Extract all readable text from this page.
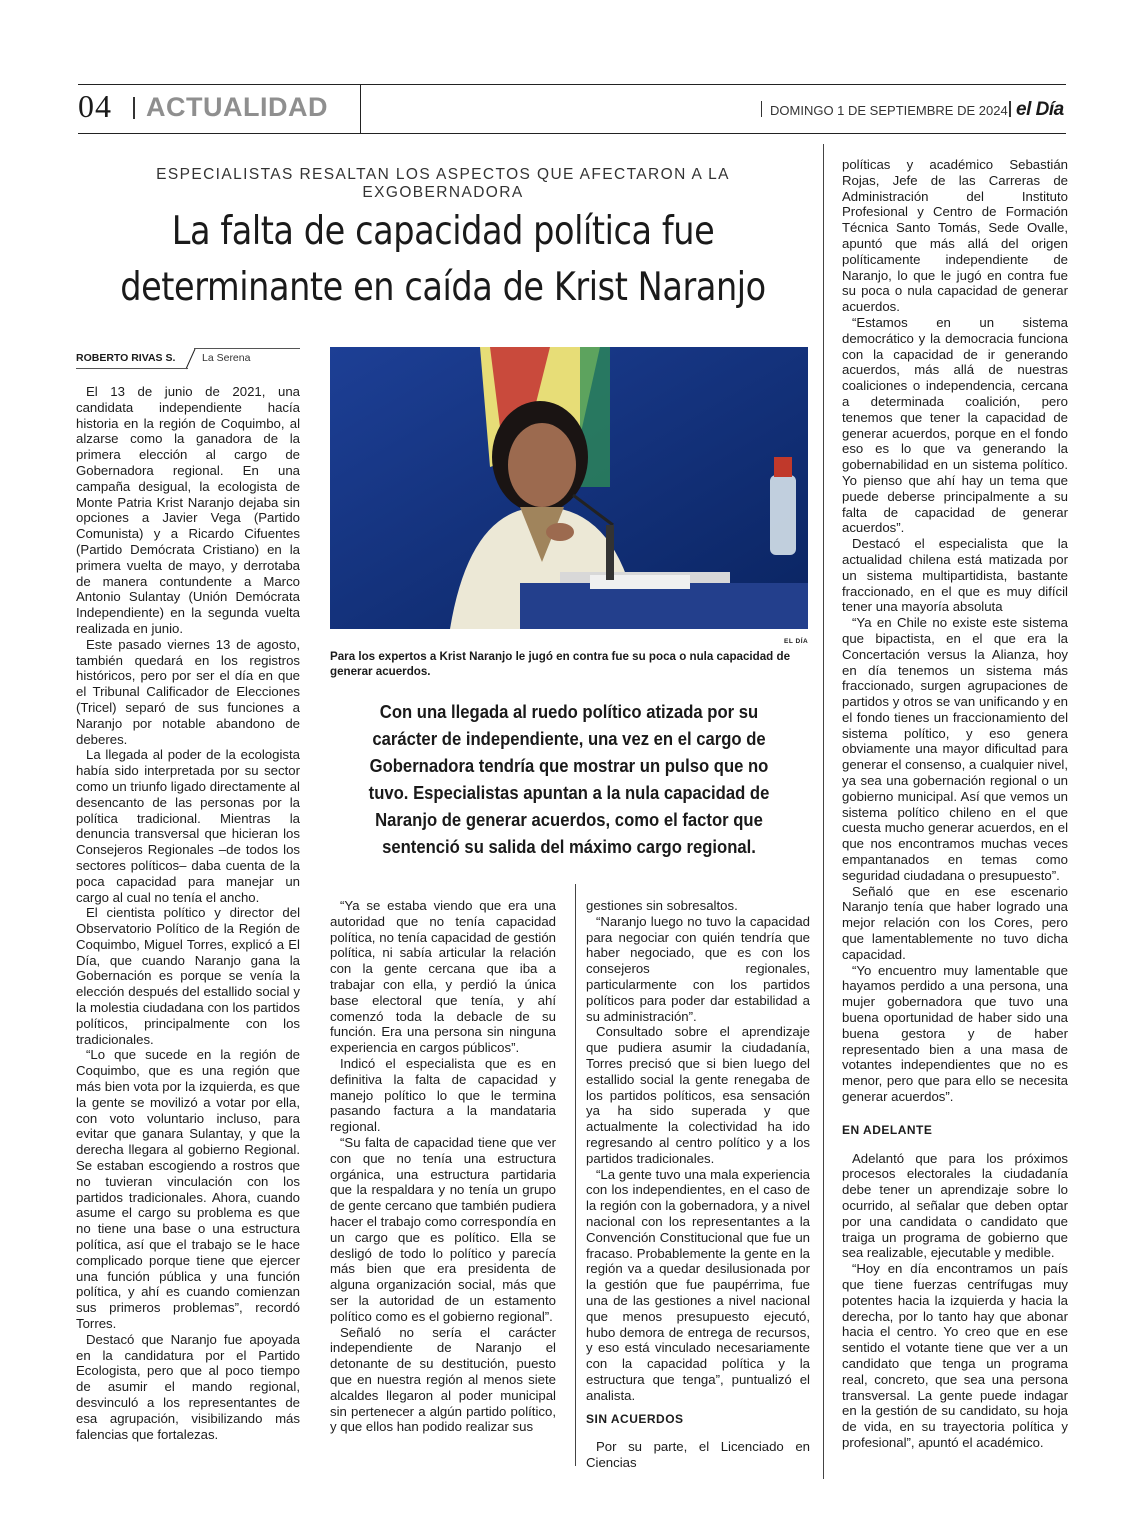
04 ACTUALIDAD	DOMINGO 1 DE SEPTIEMBRE DE 2024 el Día
ESPECIALISTAS RESALTAN LOS ASPECTOS QUE AFECTARON A LA EXGOBERNADORA
La falta de capacidad política fue
determinante en caída de Krist Naranjo
ROBERTO RIVAS S.	La Serena

El 13 de junio de 2021, una candidata independiente hacía historia en la región de Coquimbo, al alzarse como la ganadora de la primera elección al cargo de Gobernadora regional. En una campaña desigual, la ecologista de Monte Patria Krist Naranjo dejaba sin opciones a Javier Vega (Partido Comunista) y a Ricardo Cifuentes (Partido Demócrata Cristiano) en la primera vuelta de mayo, y derrotaba de manera contundente a Marco Antonio Sulantay (Unión Demócrata Independiente) en la segunda vuelta realizada en junio.

Este pasado viernes 13 de agosto, también quedará en los registros históricos, pero por ser el día en que el Tribunal Calificador de Elecciones (Tricel) separó de sus funciones a Naranjo por notable abandono de deberes.

La llegada al poder de la ecologista había sido interpretada por su sector como un triunfo ligado directamente al desencanto de las personas por la política tradicional. Mientras la denuncia transversal que hicieran los Consejeros Regionales –de todos los sectores políticos– daba cuenta de la poca capacidad para manejar un cargo al cual no tenía el ancho.

El cientista político y director del Observatorio Político de la Región de Coquimbo, Miguel Torres, explicó a El Día, que cuando Naranjo gana la Gobernación es porque se venía la elección después del estallido social y la molestia ciudadana con los partidos políticos, principalmente con los tradicionales.

“Lo que sucede en la región de Coquimbo, que es una región que más bien vota por la izquierda, es que la gente se movilizó a votar por ella, con voto voluntario incluso, para evitar que ganara Sulantay, y que la derecha llegara al gobierno Regional. Se estaban escogiendo a rostros que no tuvieran vinculación con los partidos tradicionales. Ahora, cuando asume el cargo su problema es que no tiene una base o una estructura política, así que el trabajo se le hace complicado porque tiene que ejercer una función pública y una función política, y ahí es cuando comienzan sus primeros problemas”, recordó Torres.

Destacó que Naranjo fue apoyada en la candidatura por el Partido Ecologista, pero que al poco tiempo de asumir el mando regional, desvinculó a los representantes de esa agrupación, visibilizando más falencias que fortalezas.

EL DÍA
Para los expertos a Krist Naranjo le jugó en contra fue su poca o nula capacidad de generar acuerdos.
Con una llegada al ruedo político atizada por su carácter de independiente, una vez en el cargo de Gobernadora tendría que mostrar un pulso que no tuvo. Especialistas apuntan a la nula capacidad de Naranjo de generar acuerdos, como el factor que sentenció su salida del máximo cargo regional.

“Ya se estaba viendo que era una autoridad que no tenía capacidad política, no tenía capacidad de gestión política, ni sabía articular la relación con la gente cercana que iba a trabajar con ella, y perdió la única base electoral que tenía, y ahí comenzó toda la debacle de su función. Era una persona sin ninguna experiencia en cargos públicos”.

Indicó el especialista que es en definitiva la falta de capacidad y manejo político lo que le termina pasando factura a la mandataria regional.

“Su falta de capacidad tiene que ver con que no tenía una estructura orgánica, una estructura partidaria que la respaldara y no tenía un grupo de gente cercano que también pudiera hacer el trabajo como correspondía en un cargo que es político. Ella se desligó de todo lo político y parecía más bien que era presidenta de alguna organización social, más que ser la autoridad de un estamento político como es el gobierno regional”.

Señaló no sería el carácter independiente de Naranjo el detonante de su destitución, puesto que en nuestra región al menos siete alcaldes llegaron al poder municipal sin pertenecer a algún partido político, y que ellos han podido realizar sus

gestiones sin sobresaltos.

“Naranjo luego no tuvo la capacidad para negociar con quién tendría que haber negociado, que es con los consejeros regionales, particularmente con los partidos políticos para poder dar estabilidad a su administración”.

Consultado sobre el aprendizaje que pudiera asumir la ciudadanía, Torres precisó que si bien luego del estallido social la gente renegaba de los partidos políticos, esa sensación ya ha sido superada y que actualmente la colectividad ha ido regresando al centro político y a los partidos tradicionales.

“La gente tuvo una mala experiencia con los independientes, en el caso de la región con la gobernadora, y a nivel nacional con los representantes a la Convención Constitucional que fue un fracaso. Probablemente la gente en la región va a quedar desilusionada por la gestión que fue paupérrima, fue una de las gestiones a nivel nacional que menos presupuesto ejecutó, hubo demora de entrega de recursos, y eso está vinculado necesariamente con la capacidad política y la estructura que tenga”, puntualizó el analista.

SIN ACUERDOS

Por su parte, el Licenciado en Ciencias

políticas y académico Sebastián Rojas, Jefe de las Carreras de Administración del Instituto Profesional y Centro de Formación Técnica Santo Tomás, Sede Ovalle, apuntó que más allá del origen políticamente independiente de Naranjo, lo que le jugó en contra fue su poca o nula capacidad de generar acuerdos.

“Estamos en un sistema democrático y la democracia funciona con la capacidad de ir generando acuerdos, más allá de nuestras coaliciones o independencia, cercana a determinada coalición, pero tenemos que tener la capacidad de generar acuerdos, porque en el fondo eso es lo que va generando la gobernabilidad en un sistema político. Yo pienso que ahí hay un tema que puede deberse principalmente a su falta de capacidad de generar acuerdos”.

Destacó el especialista que la actualidad chilena está matizada por un sistema multipartidista, bastante fraccionado, en el que es muy difícil tener una mayoría absoluta

“Ya en Chile no existe este sistema que bipactista, en el que era la Concertación versus la Alianza, hoy en día tenemos un sistema más fraccionado, surgen agrupaciones de partidos y otros se van unificando y en el fondo tienes un fraccionamiento del sistema político, y eso genera obviamente una mayor dificultad para generar el consenso, a cualquier nivel, ya sea una gobernación regional o un gobierno municipal. Así que vemos un sistema político chileno en el que cuesta mucho generar acuerdos, en el que nos encontramos muchas veces empantanados en temas como seguridad ciudadana o presupuesto”.

Señaló que en ese escenario Naranjo tenía que haber logrado una mejor relación con los Cores, pero que lamentablemente no tuvo dicha capacidad.

“Yo encuentro muy lamentable que hayamos perdido a una persona, una mujer gobernadora que tuvo una buena oportunidad de haber sido una buena gestora y de haber representado bien a una masa de votantes independientes que no es menor, pero que para ello se necesita generar acuerdos”.

EN ADELANTE

Adelantó que para los próximos procesos electorales la ciudadanía debe tener un aprendizaje sobre lo ocurrido, al señalar que deben optar por una candidata o candidato que traiga un programa de gobierno que sea realizable, ejecutable y medible.

“Hoy en día encontramos un país que tiene fuerzas centrífugas muy potentes hacia la izquierda y hacia la derecha, por lo tanto hay que abonar hacia el centro. Yo creo que en ese sentido el votante tiene que ver a un candidato que tenga un programa real, concreto, que sea una persona transversal. La gente puede indagar en la gestión de su candidato, su hoja de vida, en su trayectoria política y profesional”, apuntó el académico.
